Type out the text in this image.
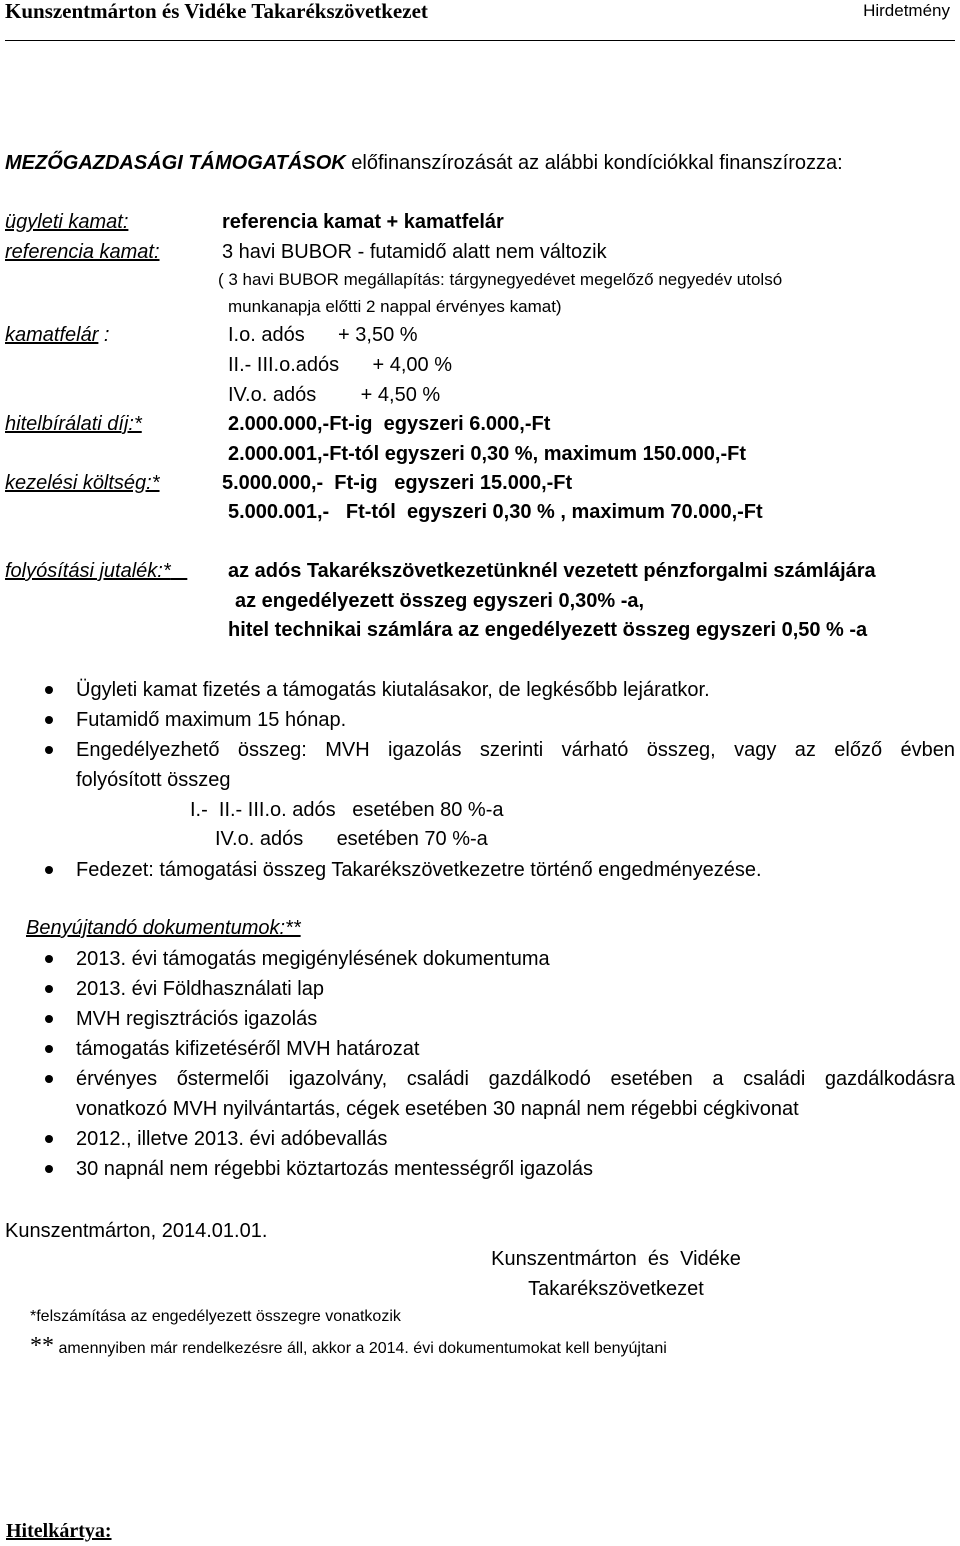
Kunszentmárton és Vidéke Takarékszövetkezet	Hirdetmény
MEZŐGAZDASÁGI TÁMOGATÁSOK előfinanszírozását az alábbi kondíciókkal finanszírozza:
ügyleti kamat:	referencia kamat + kamatfelár
referencia kamat:	3 havi BUBOR - futamidő alatt nem változik
( 3 havi BUBOR megállapítás: tárgynegyedévet megelőző negyedév utolsó
munkanapja előtti 2 nappal érvényes kamat)
kamatfelár :	I.o. adós      + 3,50 %
II.- III.o.adós      + 4,00 %
IV.o. adós        + 4,50 %
hitelbírálati díj:*	2.000.000,-Ft-ig  egyszeri 6.000,-Ft
2.000.001,-Ft-tól egyszeri 0,30 %, maximum 150.000,-Ft
kezelési költség:*	5.000.000,-  Ft-ig   egyszeri 15.000,-Ft
5.000.001,-   Ft-tól  egyszeri 0,30 % , maximum 70.000,-Ft
folyósítási jutalék:*	az adós Takarékszövetkezetünknél vezetett pénzforgalmi számlájára
az engedélyezett összeg egyszeri 0,30% -a,
hitel technikai számlára az engedélyezett összeg egyszeri 0,50 % -a
Ügyleti kamat fizetés a támogatás kiutalásakor, de legkésőbb lejáratkor.
Futamidő maximum 15 hónap.
Engedélyezhető összeg: MVH igazolás szerinti várható összeg, vagy az előző évben
folyósított összeg
I.-  II.- III.o. adós   esetében 80 %-a
IV.o. adós      esetében 70 %-a
Fedezet: támogatási összeg Takarékszövetkezetre történő engedményezése.
Benyújtandó dokumentumok:**
2013. évi támogatás megigénylésének dokumentuma
2013. évi Földhasználati lap
MVH regisztrációs igazolás
támogatás kifizetéséről MVH határozat
érvényes őstermelői igazolvány, családi gazdálkodó esetében a családi gazdálkodásra
vonatkozó MVH nyilvántartás, cégek esetében 30 napnál nem régebbi cégkivonat
2012., illetve 2013. évi adóbevallás
30 napnál nem régebbi köztartozás mentességről igazolás
Kunszentmárton, 2014.01.01.
Kunszentmárton  és  Vidéke
Takarékszövetkezet
*felszámítása az engedélyezett összegre vonatkozik
** amennyiben már rendelkezésre áll, akkor a 2014. évi dokumentumokat kell benyújtani
Hitelkártya:
